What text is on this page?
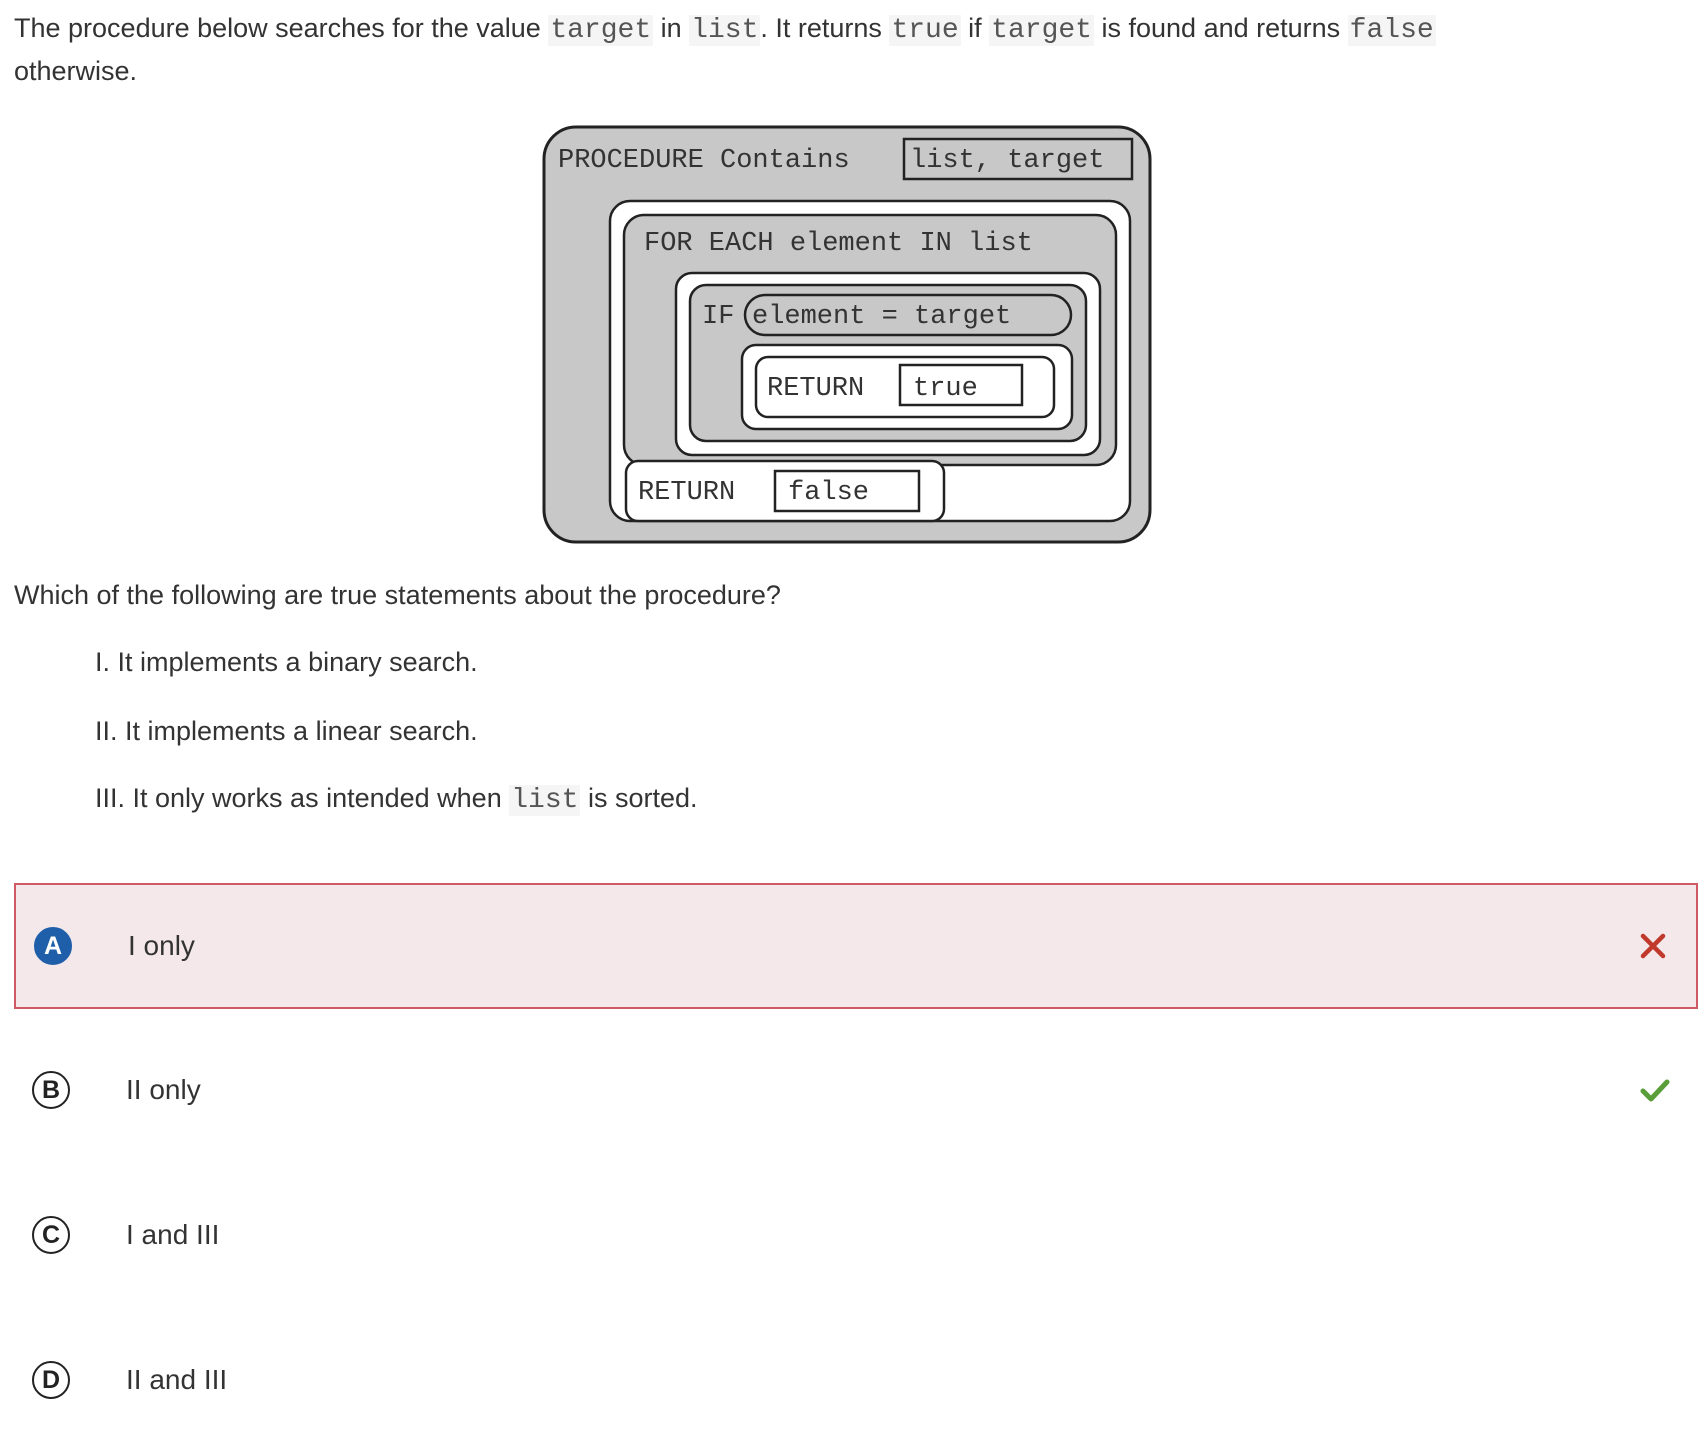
The procedure below searches for the value target in list. It returns true if target is found and returns false
otherwise.
PROCEDURE Contains list, target
FOR EACH element IN list
IF element = target
RETURN true
RETURN false
Which of the following are true statements about the procedure?
I. It implements a binary search.
II. It implements a linear search.
III. It only works as intended when list is sorted.
A	I only
B	II only
C	I and III
D	II and III
